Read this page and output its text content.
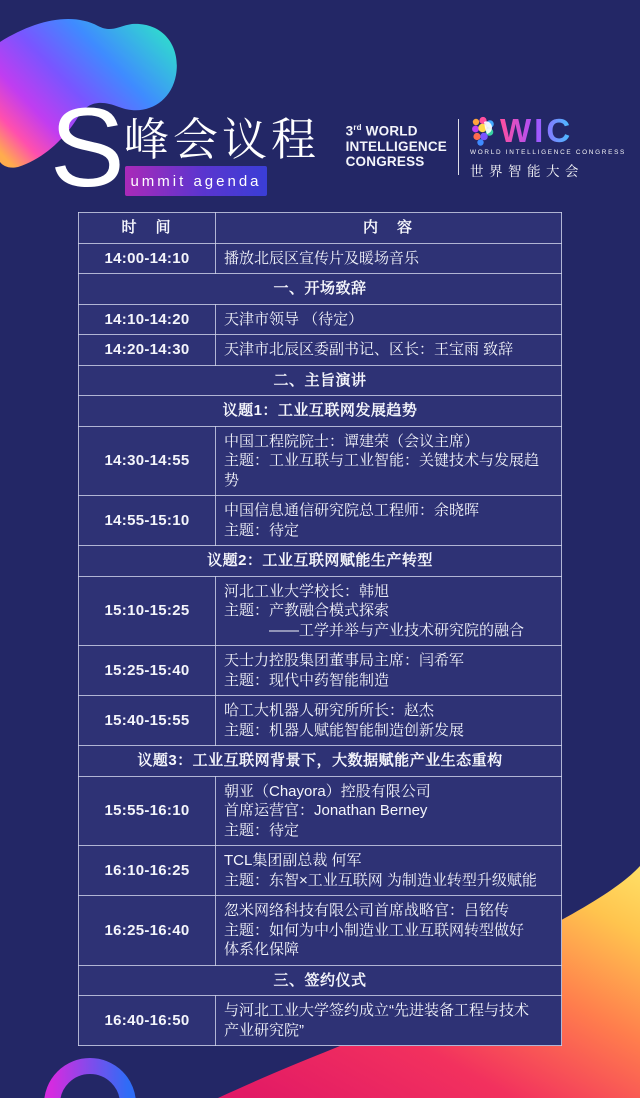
S 峰会议程
ummit agenda
3rd WORLD
INTELLIGENCE
CONGRESS
WIC
WORLD INTELLIGENCE CONGRESS
世界智能大会
时　间	内　容
14:00-14:10	播放北辰区宣传片及暖场音乐

一、开场致辞	
14:10-14:20	天津市领导 （待定）

14:20-14:30	天津市北辰区委副书记、区长：王宝雨 致辞

二、主旨演讲	
议题1：工业互联网发展趋势	
14:30-14:55	中国工程院院士：谭建荣（会议主席）
主题：工业互联与工业智能：关键技术与发展趋势

14:55-15:10	中国信息通信研究院总工程师：余晓晖
主题：待定

议题2：工业互联网赋能生产转型	
15:10-15:25	河北工业大学校长：韩旭
主题：产教融合模式探索
　　　——工学并举与产业技术研究院的融合

15:25-15:40	天士力控股集团董事局主席：闫希军
主题：现代中药智能制造

15:40-15:55	哈工大机器人研究所所长：赵杰
主题：机器人赋能智能制造创新发展

议题3：工业互联网背景下，大数据赋能产业生态重构	
15:55-16:10	朝亚（Chayora）控股有限公司
首席运营官：Jonathan Berney
主题：待定

16:10-16:25	TCL集团副总裁 何军
主题：东智×工业互联网 为制造业转型升级赋能

16:25-16:40	忽米网络科技有限公司首席战略官：吕铭传
主题：如何为中小制造业工业互联网转型做好
体系化保障

三、签约仪式	
16:40-16:50	与河北工业大学签约成立“先进装备工程与技术
产业研究院”
